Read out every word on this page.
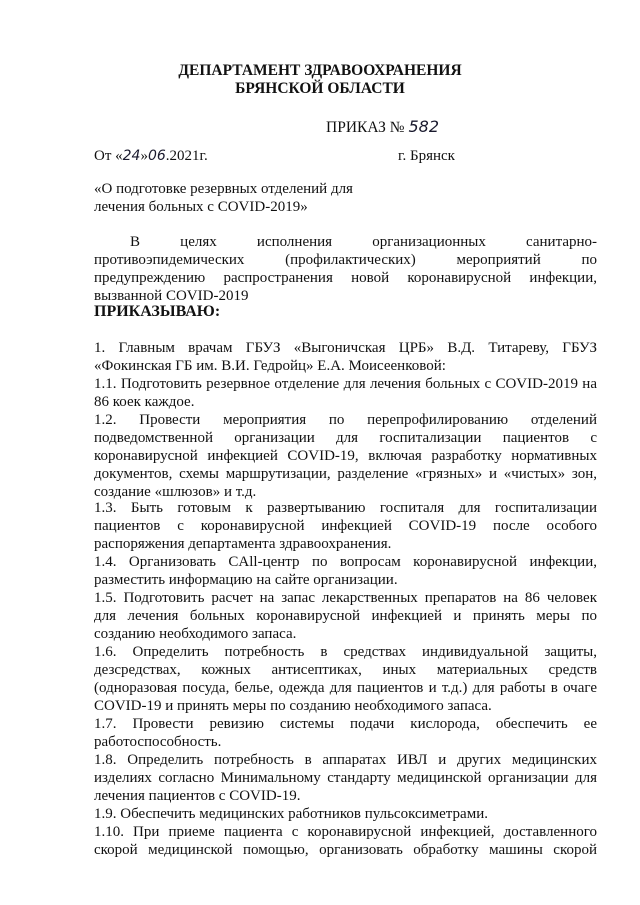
ДЕПАРТАМЕНТ ЗДРАВООХРАНЕНИЯ
БРЯНСКОЙ ОБЛАСТИ
ПРИКАЗ № 582
От «24»06.2021г.	г. Брянск
«О подготовке резервных отделений для
лечения больных с COVID-2019»
В целях исполнения организационных санитарно-
противоэпидемических (профилактических) мероприятий по
предупреждению распространения новой коронавирусной инфекции,
вызванной COVID-2019
ПРИКАЗЫВАЮ:
1. Главным врачам ГБУЗ «Выгоничская ЦРБ» В.Д. Титареву, ГБУЗ
«Фокинская ГБ им. В.И. Гедройц» Е.А. Моисеенковой:
1.1. Подготовить резервное отделение для лечения больных с COVID-2019 на
86 коек каждое.
1.2. Провести мероприятия по перепрофилированию отделений
подведомственной организации для госпитализации пациентов с
коронавирусной инфекцией COVID-19, включая разработку нормативных
документов, схемы маршрутизации, разделение «грязных» и «чистых» зон,
создание «шлюзов» и т.д.
1.3. Быть готовым к развертыванию госпиталя для госпитализации
пациентов с коронавирусной инфекцией COVID-19 после особого
распоряжения департамента здравоохранения.
1.4. Организовать CAll-центр по вопросам коронавирусной инфекции,
разместить информацию на сайте организации.
1.5. Подготовить расчет на запас лекарственных препаратов на 86 человек
для лечения больных коронавирусной инфекцией и принять меры по
созданию необходимого запаса.
1.6. Определить потребность в средствах индивидуальной защиты,
дезсредствах, кожных антисептиках, иных материальных средств
(одноразовая посуда, белье, одежда для пациентов и т.д.) для работы в очаге
COVID-19 и принять меры по созданию необходимого запаса.
1.7. Провести ревизию системы подачи кислорода, обеспечить ее
работоспособность.
1.8. Определить потребность в аппаратах ИВЛ и других медицинских
изделиях согласно Минимальному стандарту медицинской организации для
лечения пациентов с COVID-19.
1.9. Обеспечить медицинских работников пульсоксиметрами.
1.10. При приеме пациента с коронавирусной инфекцией, доставленного
скорой медицинской помощью, организовать обработку машины скорой
